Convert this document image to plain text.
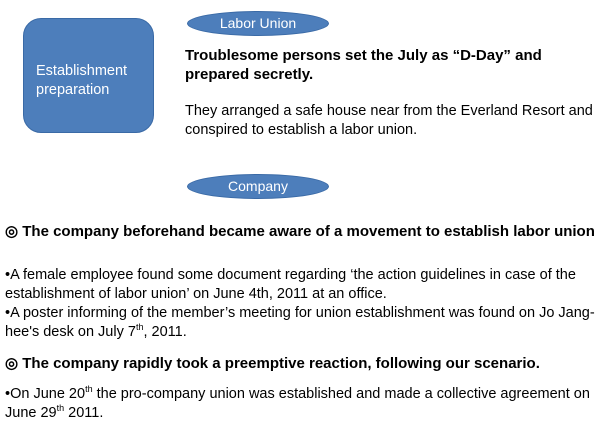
Establishment
preparation
Labor Union
Troublesome persons set the July as “D-Day” and prepared secretly.
They arranged a safe house near from the Everland Resort and conspired to establish a labor union.
Company
◎ The company beforehand became aware of a movement to establish labor union
•A female employee found some document regarding ‘the action guidelines in case of the establishment of labor union’ on June 4th, 2011 at an office.
•A poster informing of the member’s meeting for union establishment was found on Jo Jang-hee's desk on July 7th, 2011.
◎ The company rapidly took a preemptive reaction, following our scenario.
•On June 20th the pro-company union was established and made a collective agreement on June 29th 2011.
